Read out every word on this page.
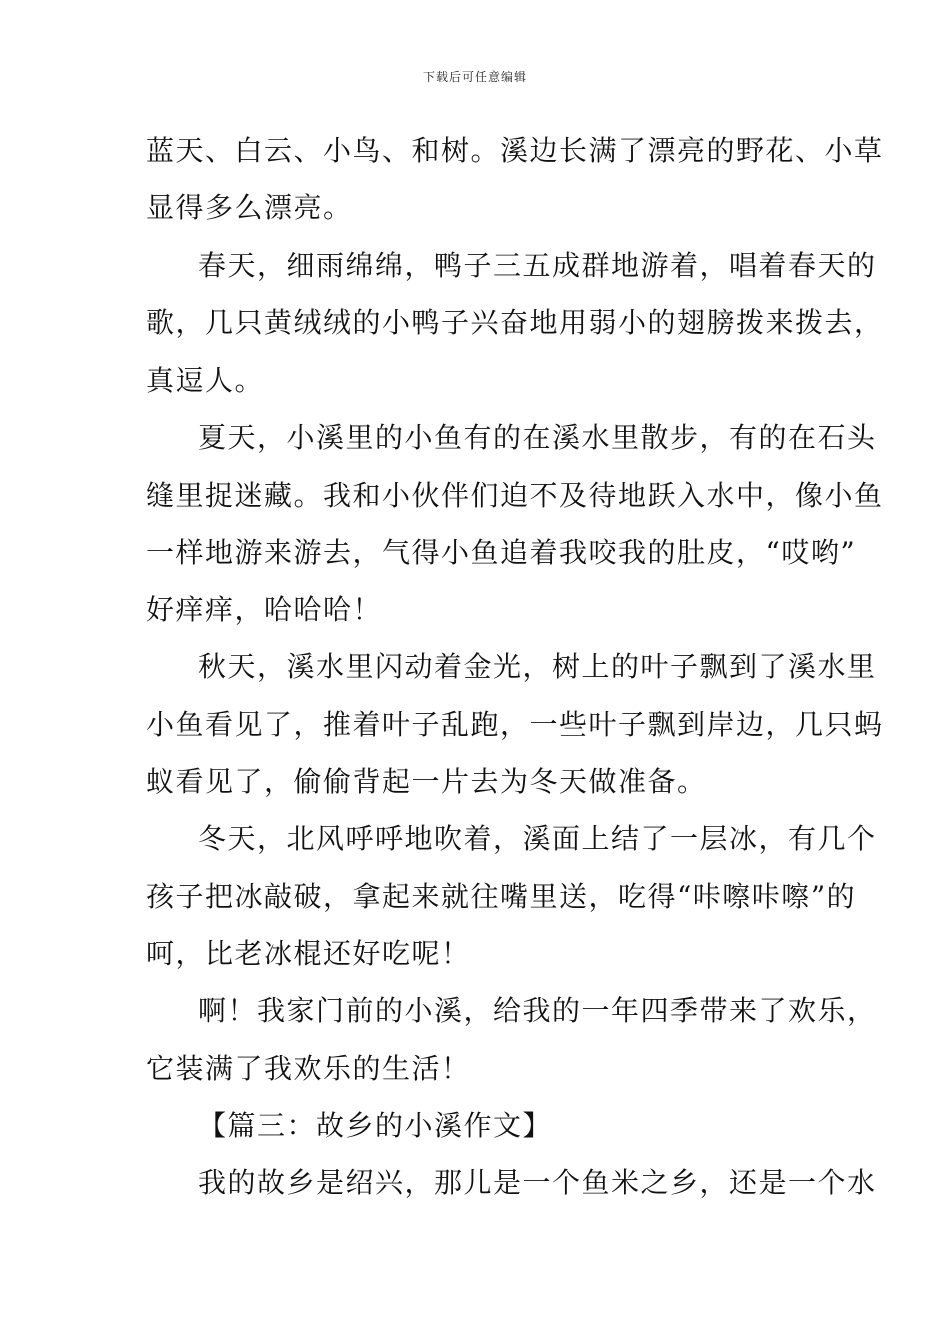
下载后可任意编辑
蓝天、白云、小鸟、和树。溪边长满了漂亮的野花、小草
显得多么漂亮。
春天，细雨绵绵，鸭子三五成群地游着，唱着春天的
歌，几只黄绒绒的小鸭子兴奋地用弱小的翅膀拨来拨去，
真逗人。
夏天，小溪里的小鱼有的在溪水里散步，有的在石头
缝里捉迷藏。我和小伙伴们迫不及待地跃入水中，像小鱼
一样地游来游去，气得小鱼追着我咬我的肚皮，“哎哟”
好痒痒，哈哈哈！
秋天，溪水里闪动着金光，树上的叶子飘到了溪水里
小鱼看见了，推着叶子乱跑，一些叶子飘到岸边，几只蚂
蚁看见了，偷偷背起一片去为冬天做准备。
冬天，北风呼呼地吹着，溪面上结了一层冰，有几个
孩子把冰敲破，拿起来就往嘴里送，吃得“咔嚓咔嚓”的
呵，比老冰棍还好吃呢！
啊！我家门前的小溪，给我的一年四季带来了欢乐，
它装满了我欢乐的生活！
【篇三：故乡的小溪作文】
我的故乡是绍兴，那儿是一个鱼米之乡，还是一个水
